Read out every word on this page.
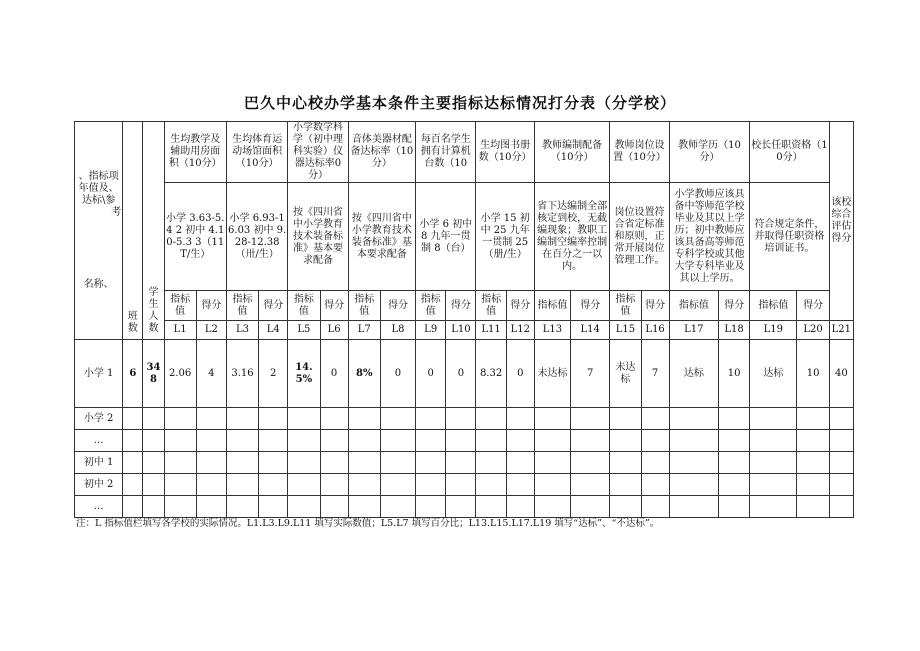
巴久中心校办学基本条件主要指标达标情况打分表（分学校）
、指标项
年值及、
达标\参
考
名称、	班数	学生人数	生均教学及辅助用房面积（10分）		生均体育运动场馆面积（10分）		小学数学科学（初中理科实验）仪器达标率0分）		音体美器材配备达标率（10分）		每百名学生拥有计算机台数（10		生均图书册数（10分）		教师编制配备（10分）		教师岗位设置（10分）		教师学历（10分）		校长任职资格（10分）		该校综合评估得分
			小学 3.63-5.4 2 初中 4.10-5.3 3（11T/生）		小学 6.93-16.03 初中 9.28-12.38（卅/生）		按《四川省中小学教育技术装备标准》基本要求配备		按《四川省中小学教育技术装备标准》基本要求配备		小学 6 初中 8 九年一贯制 8（台）		小学 15 初中 25 九年一贯制 25（册/生）		省下达编制全部核定到校，无截编现象；教职工编制空编率控制在百分之一以内。		岗位设置符合省定标准和原则，正常开展岗位管理工作。		小学教师应该具备中等师范学校毕业及其以上学历；初中教师应该具备高等师范专科学校或其他大学专科毕业及其以上学历。		符合规定条件，并取得任职资格培训证书。		
			指标值	得分	指标值	得分	指标值	得分	指标值	得分	指标值	得分	指标值	得分	指标值	得分	指标值	得分	指标值	得分	指标值	得分	
			L1	L2	L3	L4	L5	L6	L7	L8	L9	L10	L11	L12	L13	L14	L15	L16	L17	L18	L19	L20	L21
小学 1	6	348	2.06	4	3.16	2	14.5%	0	8%	0	0	0	8.32	0	未达标	7	未达标	7	达标	10	达标	10	40
小学 2																							
…																							
初中 1																							
初中 2																							
…																							
注：L 指标值栏填写各学校的实际情况。L1.L3.L9.L11 填写实际数值；L5.L7 填写百分比；L13.L15.L17.L19 填写“达标”、“不达标”。
